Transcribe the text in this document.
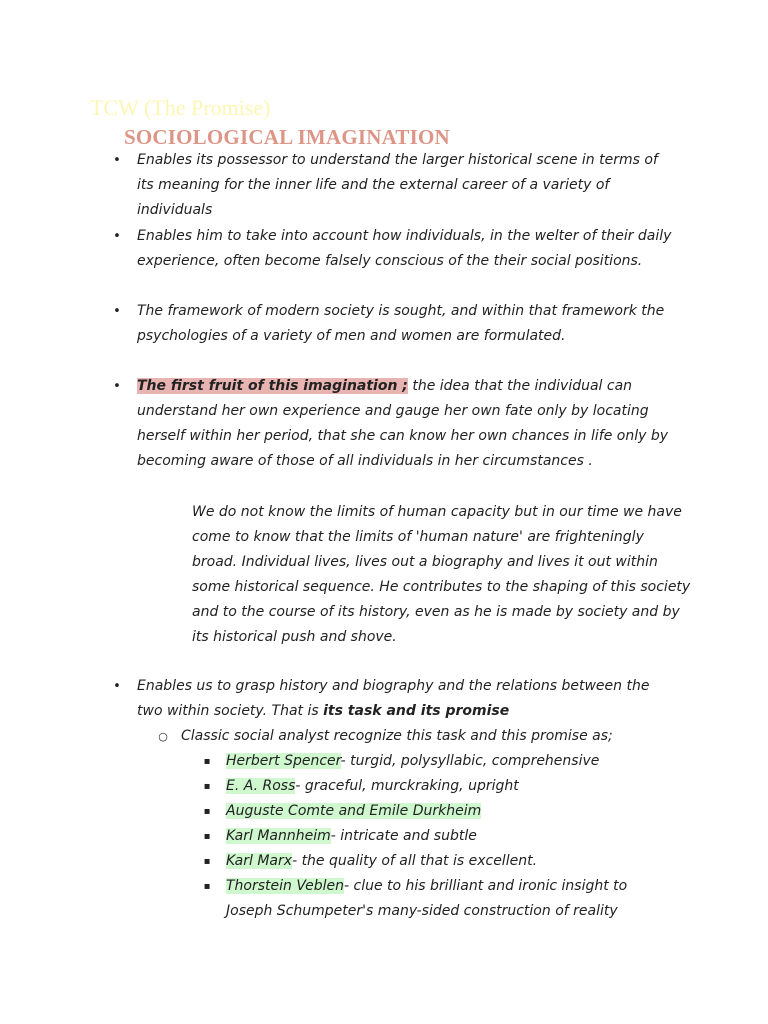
TCW (The Promise)
SOCIOLOGICAL IMAGINATION
• Enables its possessor to understand the larger historical scene in terms of its meaning for the inner life and the external career of a variety of individuals
• Enables him to take into account how individuals, in the welter of their daily experience, often become falsely conscious of the their social positions.
• The framework of modern society is sought, and within that framework the psychologies of a variety of men and women are formulated.
• The first fruit of this imagination ; the idea that the individual can understand her own experience and gauge her own fate only by locating herself within her period, that she can know her own chances in life only by becoming aware of those of all individuals in her circumstances .
We do not know the limits of human capacity but in our time we have come to know that the limits of 'human nature' are frighteningly broad. Individual lives, lives out a biography and lives it out within some historical sequence. He contributes to the shaping of this society and to the course of its history, even as he is made by society and by its historical push and shove.
• Enables us to grasp history and biography and the relations between the two within society. That is its task and its promise
○ Classic social analyst recognize this task and this promise as;
▪ Herbert Spencer- turgid, polysyllabic, comprehensive
▪ E. A. Ross- graceful, murckraking, upright
▪ Auguste Comte and Emile Durkheim
▪ Karl Mannheim- intricate and subtle
▪ Karl Marx- the quality of all that is excellent.
▪ Thorstein Veblen- clue to his brilliant and ironic insight to
Joseph Schumpeter's many-sided construction of reality
